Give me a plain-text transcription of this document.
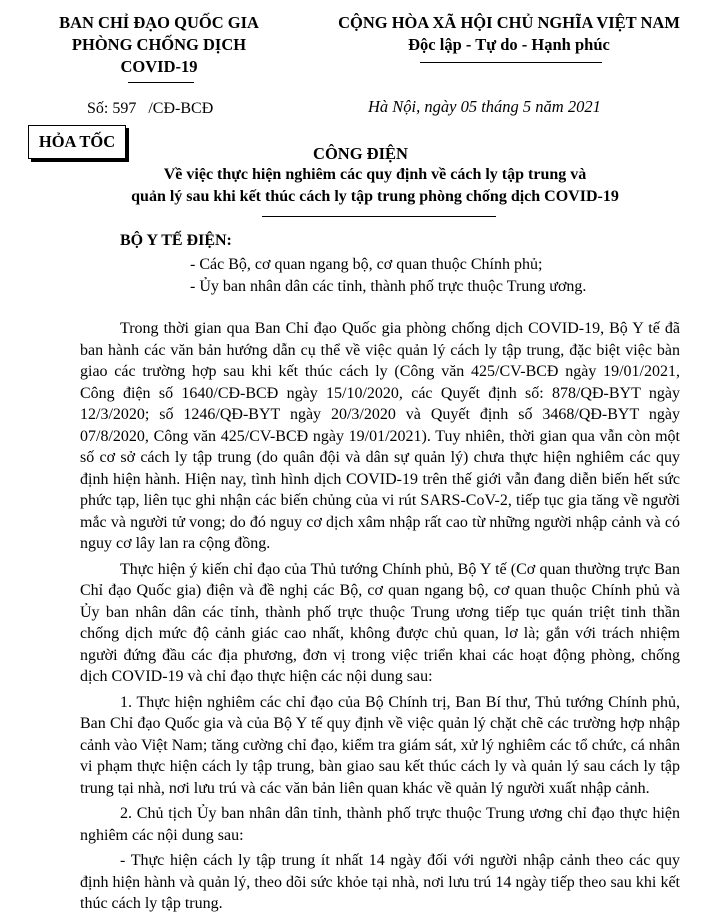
BAN CHỈ ĐẠO QUỐC GIA
PHÒNG CHỐNG DỊCH
COVID-19
CỘNG HÒA XÃ HỘI CHỦ NGHĨA VIỆT NAM
Độc lập - Tự do - Hạnh phúc
Số: 597   /CĐ-BCĐ	Hà Nội, ngày 05 tháng 5 năm 2021
HỎA TỐC
CÔNG ĐIỆN
Về việc thực hiện nghiêm các quy định về cách ly tập trung và
quản lý sau khi kết thúc cách ly tập trung phòng chống dịch COVID-19
BỘ Y TẾ ĐIỆN:
- Các Bộ, cơ quan ngang bộ, cơ quan thuộc Chính phủ;
- Ủy ban nhân dân các tỉnh, thành phố trực thuộc Trung ương.

Trong thời gian qua Ban Chỉ đạo Quốc gia phòng chống dịch COVID-19, Bộ Y tế đã ban hành các văn bản hướng dẫn cụ thể về việc quản lý cách ly tập trung, đặc biệt việc bàn giao các trường hợp sau khi kết thúc cách ly (Công văn 425/CV-BCĐ ngày 19/01/2021, Công điện số 1640/CĐ-BCĐ ngày 15/10/2020, các Quyết định số: 878/QĐ-BYT ngày 12/3/2020; số 1246/QĐ-BYT ngày 20/3/2020 và Quyết định số 3468/QĐ-BYT ngày 07/8/2020, Công văn 425/CV-BCĐ ngày 19/01/2021). Tuy nhiên, thời gian qua vẫn còn một số cơ sở cách ly tập trung (do quân đội và dân sự quản lý) chưa thực hiện nghiêm các quy định hiện hành. Hiện nay, tình hình dịch COVID-19 trên thế giới vẫn đang diễn biến hết sức phức tạp, liên tục ghi nhận các biến chủng của vi rút SARS-CoV-2, tiếp tục gia tăng về người mắc và người tử vong; do đó nguy cơ dịch xâm nhập rất cao từ những người nhập cảnh và có nguy cơ lây lan ra cộng đồng.

Thực hiện ý kiến chỉ đạo của Thủ tướng Chính phủ, Bộ Y tế (Cơ quan thường trực Ban Chỉ đạo Quốc gia) điện và đề nghị các Bộ, cơ quan ngang bộ, cơ quan thuộc Chính phủ và Ủy ban nhân dân các tỉnh, thành phố trực thuộc Trung ương tiếp tục quán triệt tinh thần chống dịch mức độ cảnh giác cao nhất, không được chủ quan, lơ là; gắn với trách nhiệm người đứng đầu các địa phương, đơn vị trong việc triển khai các hoạt động phòng, chống dịch COVID-19 và chỉ đạo thực hiện các nội dung sau:

1. Thực hiện nghiêm các chỉ đạo của Bộ Chính trị, Ban Bí thư, Thủ tướng Chính phủ, Ban Chỉ đạo Quốc gia và của Bộ Y tế quy định về việc quản lý chặt chẽ các trường hợp nhập cảnh vào Việt Nam; tăng cường chỉ đạo, kiểm tra giám sát, xử lý nghiêm các tổ chức, cá nhân vi phạm thực hiện cách ly tập trung, bàn giao sau kết thúc cách ly và quản lý sau cách ly tập trung tại nhà, nơi lưu trú và các văn bản liên quan khác về quản lý người xuất nhập cảnh.

2. Chủ tịch Ủy ban nhân dân tỉnh, thành phố trực thuộc Trung ương chỉ đạo thực hiện nghiêm các nội dung sau:

- Thực hiện cách ly tập trung ít nhất 14 ngày đối với người nhập cảnh theo các quy định hiện hành và quản lý, theo dõi sức khỏe tại nhà, nơi lưu trú 14 ngày tiếp theo sau khi kết thúc cách ly tập trung.
